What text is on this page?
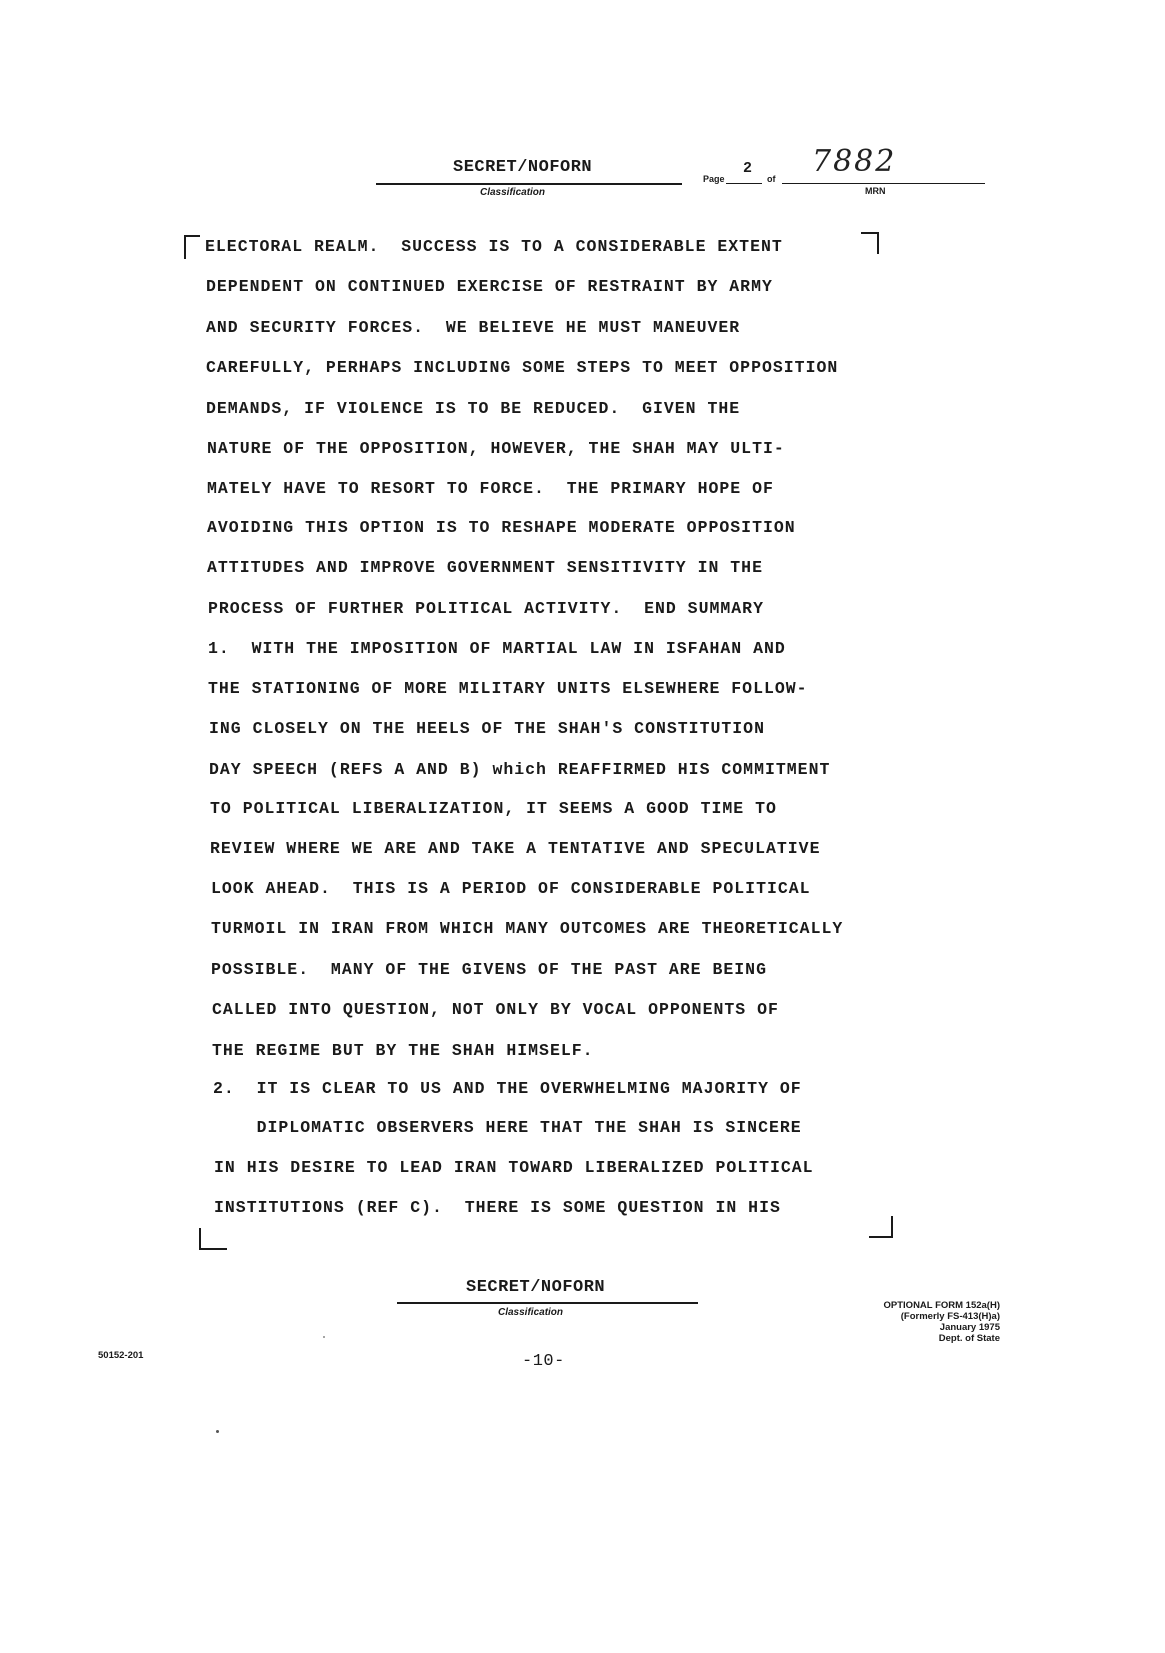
SECRET/NOFORN
Classification
Page
2
of 7882
MRN
ELECTORAL REALM.  SUCCESS IS TO A CONSIDERABLE EXTENT
DEPENDENT ON CONTINUED EXERCISE OF RESTRAINT BY ARMY
AND SECURITY FORCES.  WE BELIEVE HE MUST MANEUVER
CAREFULLY, PERHAPS INCLUDING SOME STEPS TO MEET OPPOSITION
DEMANDS, IF VIOLENCE IS TO BE REDUCED.  GIVEN THE
NATURE OF THE OPPOSITION, HOWEVER, THE SHAH MAY ULTI-
MATELY HAVE TO RESORT TO FORCE.  THE PRIMARY HOPE OF
AVOIDING THIS OPTION IS TO RESHAPE MODERATE OPPOSITION
ATTITUDES AND IMPROVE GOVERNMENT SENSITIVITY IN THE
PROCESS OF FURTHER POLITICAL ACTIVITY.  END SUMMARY
1.  WITH THE IMPOSITION OF MARTIAL LAW IN ISFAHAN AND
THE STATIONING OF MORE MILITARY UNITS ELSEWHERE FOLLOW-
ING CLOSELY ON THE HEELS OF THE SHAH'S CONSTITUTION
DAY SPEECH (REFS A AND B) which REAFFIRMED HIS COMMITMENT
TO POLITICAL LIBERALIZATION, IT SEEMS A GOOD TIME TO
REVIEW WHERE WE ARE AND TAKE A TENTATIVE AND SPECULATIVE
LOOK AHEAD.  THIS IS A PERIOD OF CONSIDERABLE POLITICAL
TURMOIL IN IRAN FROM WHICH MANY OUTCOMES ARE THEORETICALLY
POSSIBLE.  MANY OF THE GIVENS OF THE PAST ARE BEING
CALLED INTO QUESTION, NOT ONLY BY VOCAL OPPONENTS OF
THE REGIME BUT BY THE SHAH HIMSELF.
2.  IT IS CLEAR TO US AND THE OVERWHELMING MAJORITY OF
DIPLOMATIC OBSERVERS HERE THAT THE SHAH IS SINCERE
IN HIS DESIRE TO LEAD IRAN TOWARD LIBERALIZED POLITICAL
INSTITUTIONS (REF C).  THERE IS SOME QUESTION IN HIS
SECRET/NOFORN
Classification
50152-201	-10-
OPTIONAL FORM 152a(H)
(Formerly FS-413(H)a)
January 1975
Dept. of State
